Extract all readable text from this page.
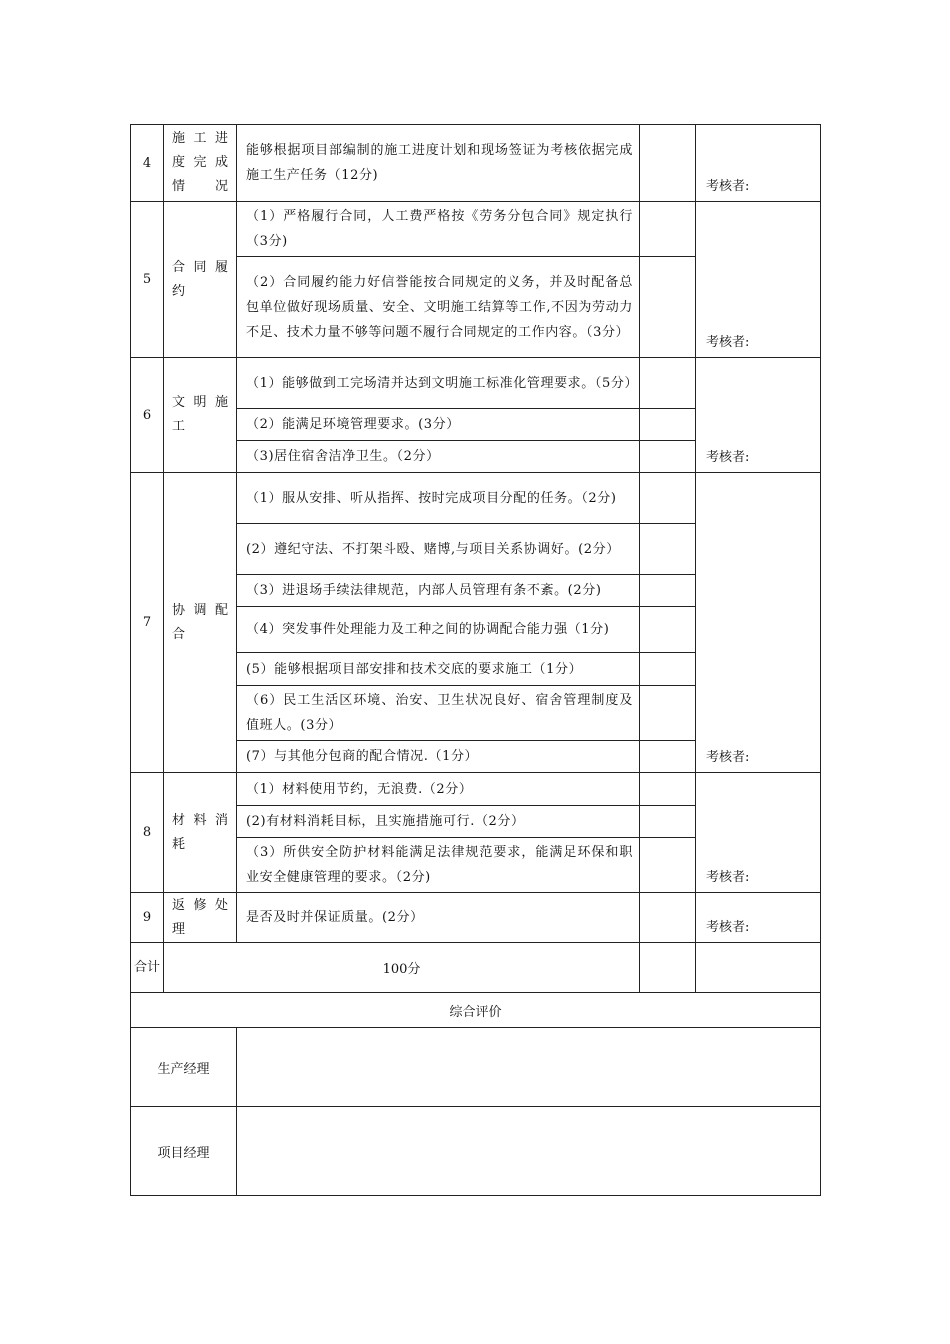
4	施工进度完成情况	能够根据项目部编制的施工进度计划和现场签证为考核依据完成施工生产任务（12分)		考核者:
5	合同履约	（1）严格履行合同，人工费严格按《劳务分包合同》规定执行（3分)		考核者:
		（2）合同履约能力好信誉能按合同规定的义务，并及时配备总包单位做好现场质量、安全、文明施工结算等工作,不因为劳动力不足、技术力量不够等问题不履行合同规定的工作内容。（3分）		
6	文明施工	（1）能够做到工完场清并达到文明施工标准化管理要求。（5分）		考核者:
		（2）能满足环境管理要求。(3分）		
		（3)居住宿舍洁净卫生。（2分）		
7	协调配合	（1）服从安排、听从指挥、按时完成项目分配的任务。（2分)		考核者:
		(2）遵纪守法、不打架斗殴、赌博,与项目关系协调好。(2分）		
		（3）进退场手续法律规范，内部人员管理有条不紊。(2分)		
		（4）突发事件处理能力及工种之间的协调配合能力强（1分)		
		(5）能够根据项目部安排和技术交底的要求施工（1分）		
		（6）民工生活区环境、治安、卫生状况良好、宿舍管理制度及值班人。(3分）		
		(7）与其他分包商的配合情况.（1分）		
8	材料消耗	（1）材料使用节约，无浪费.（2分）		考核者:
		(2)有材料消耗目标，且实施措施可行.（2分）		
		（3）所供安全防护材料能满足法律规范要求，能满足环保和职业安全健康管理的要求。（2分)		
9	返修处理	是否及时并保证质量。(2分）		考核者:
合计	100分			
综合评价				
生产经理				
项目经理				
